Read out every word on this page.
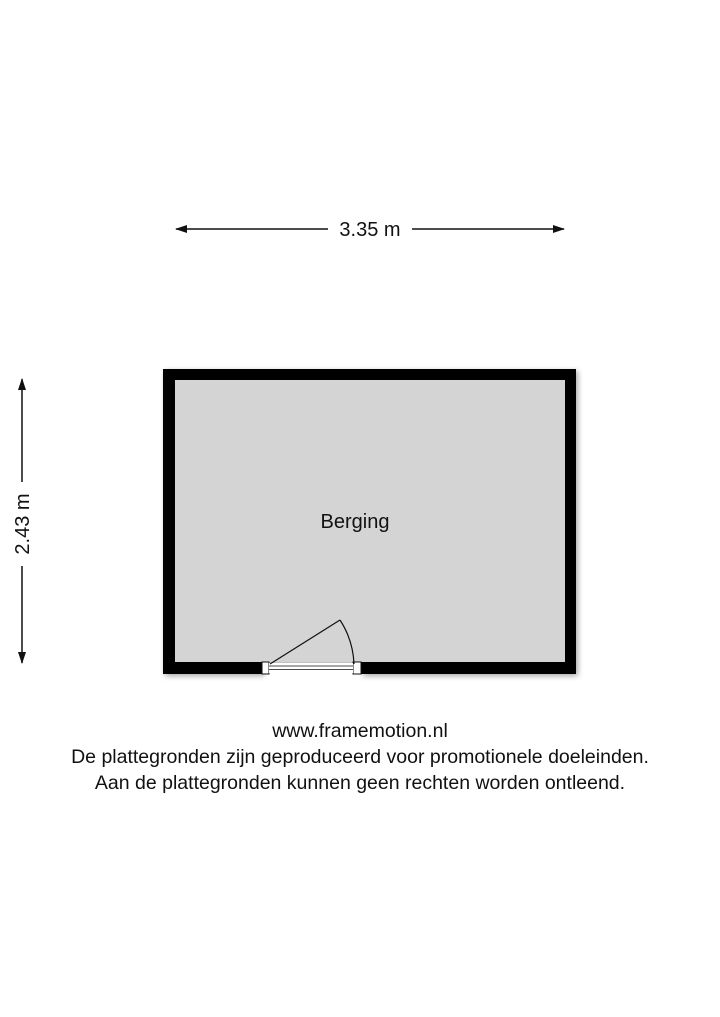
3.35 m
2.43 m	Berging
www.framemotion.nl
De plattegronden zijn geproduceerd voor promotionele doeleinden.
Aan de plattegronden kunnen geen rechten worden ontleend.
